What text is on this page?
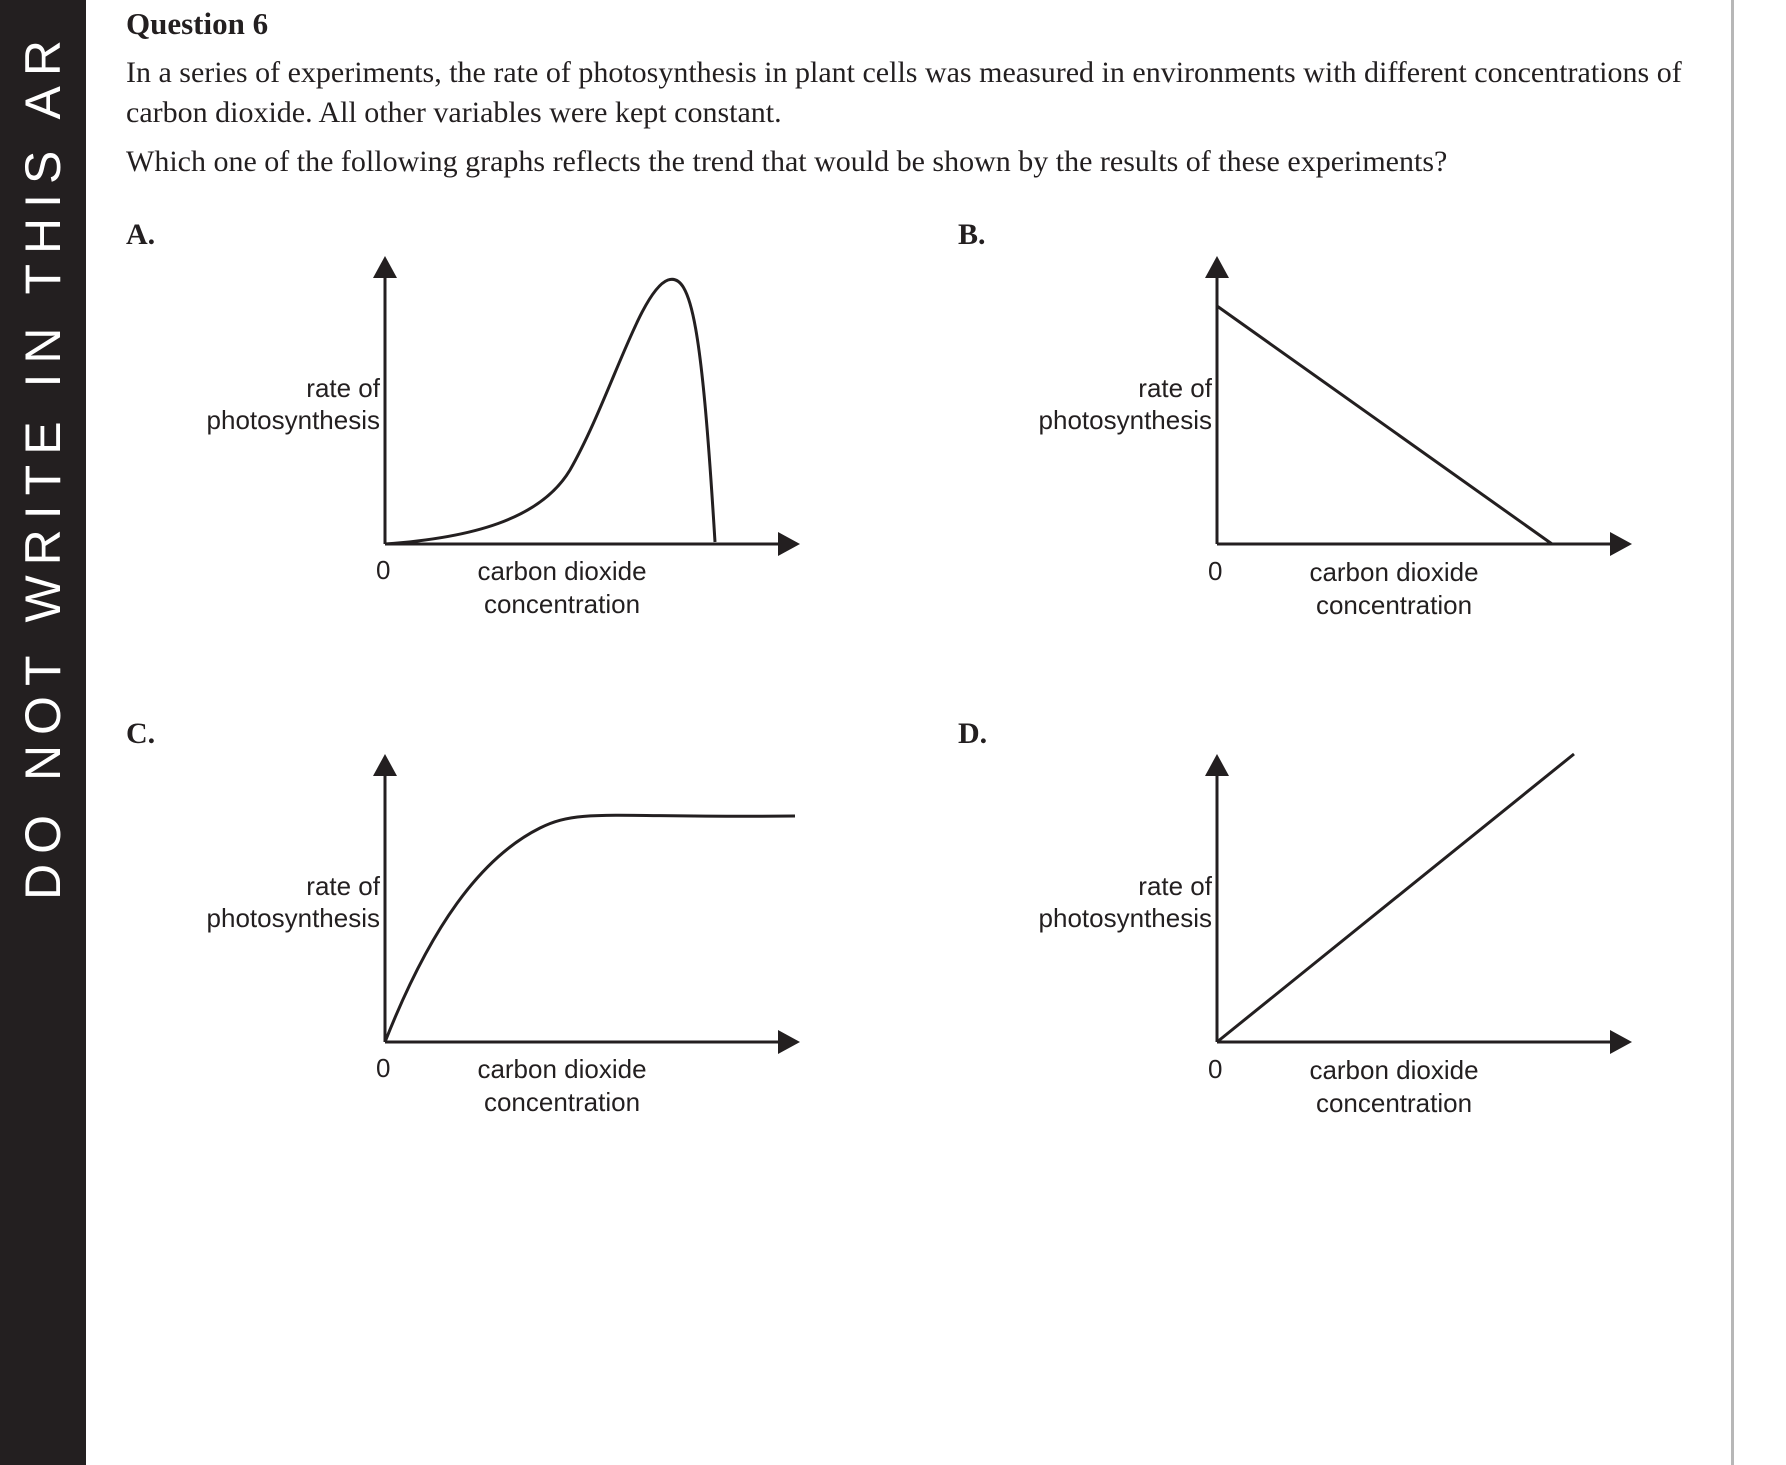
DO NOT WRITE IN THIS AR
Question 6
In a series of experiments, the rate of photosynthesis in plant cells was measured in environments with different concentrations of carbon dioxide. All other variables were kept constant.
Which one of the following graphs reflects the trend that would be shown by the results of these experiments?
A.
rate of photosynthesis
0	carbon dioxide concentration
B.
rate of photosynthesis
0	carbon dioxide concentration
C.
rate of photosynthesis
0	carbon dioxide concentration
D.
rate of photosynthesis
0	carbon dioxide concentration
